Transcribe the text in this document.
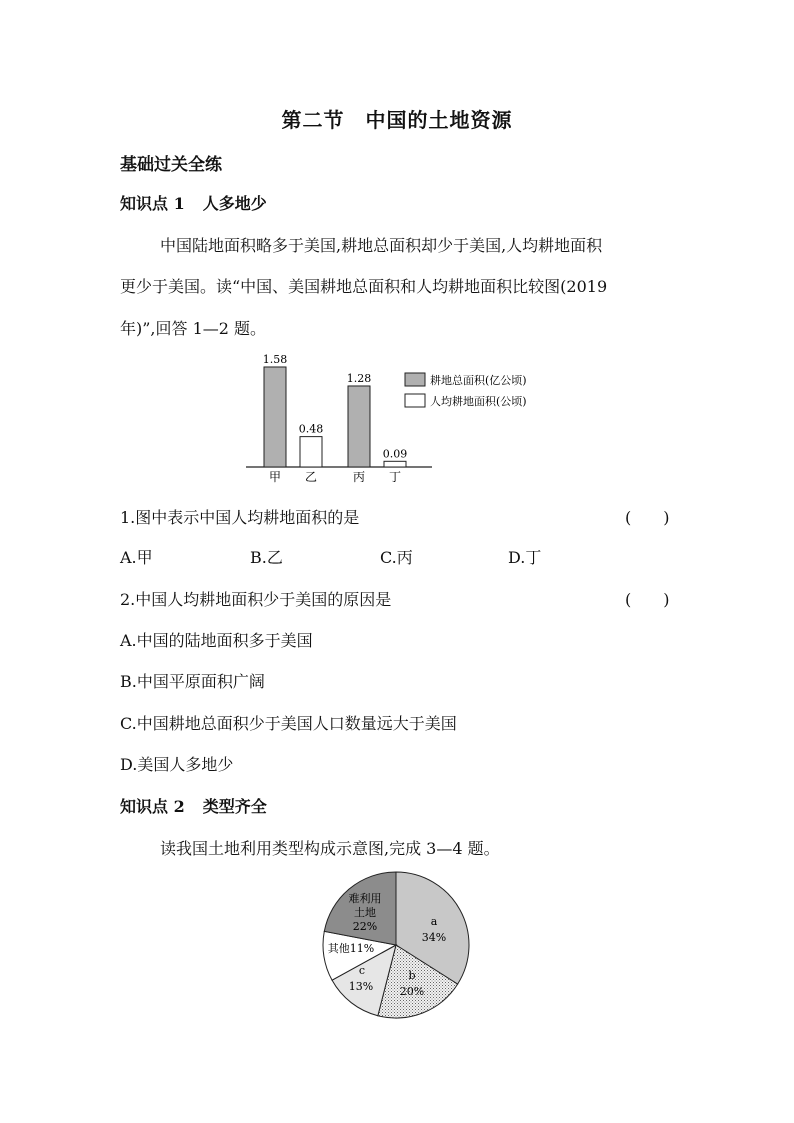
第二节　中国的土地资源
基础过关全练
知识点 1 人多地少
中国陆地面积略多于美国,耕地总面积却少于美国,人均耕地面积
更少于美国。读“中国、美国耕地总面积和人均耕地面积比较图(2019
年)”,回答 1—2 题。
1.58
甲
0.48
乙
1.28
丙
0.09
丁
耕地总面积(亿公顷)
人均耕地面积(公顷)
1.图中表示中国人均耕地面积的是	(　　)
A.甲	B.乙	C.丙	D.丁
2.中国人均耕地面积少于美国的原因是	(　　)
A.中国的陆地面积多于美国
B.中国平原面积广阔
C.中国耕地总面积少于美国人口数量远大于美国
D.美国人多地少
知识点 2 类型齐全
读我国土地利用类型构成示意图,完成 3—4 题。
a
34%
b
20%
c
13%
其他11%
难利用
土地
22%
